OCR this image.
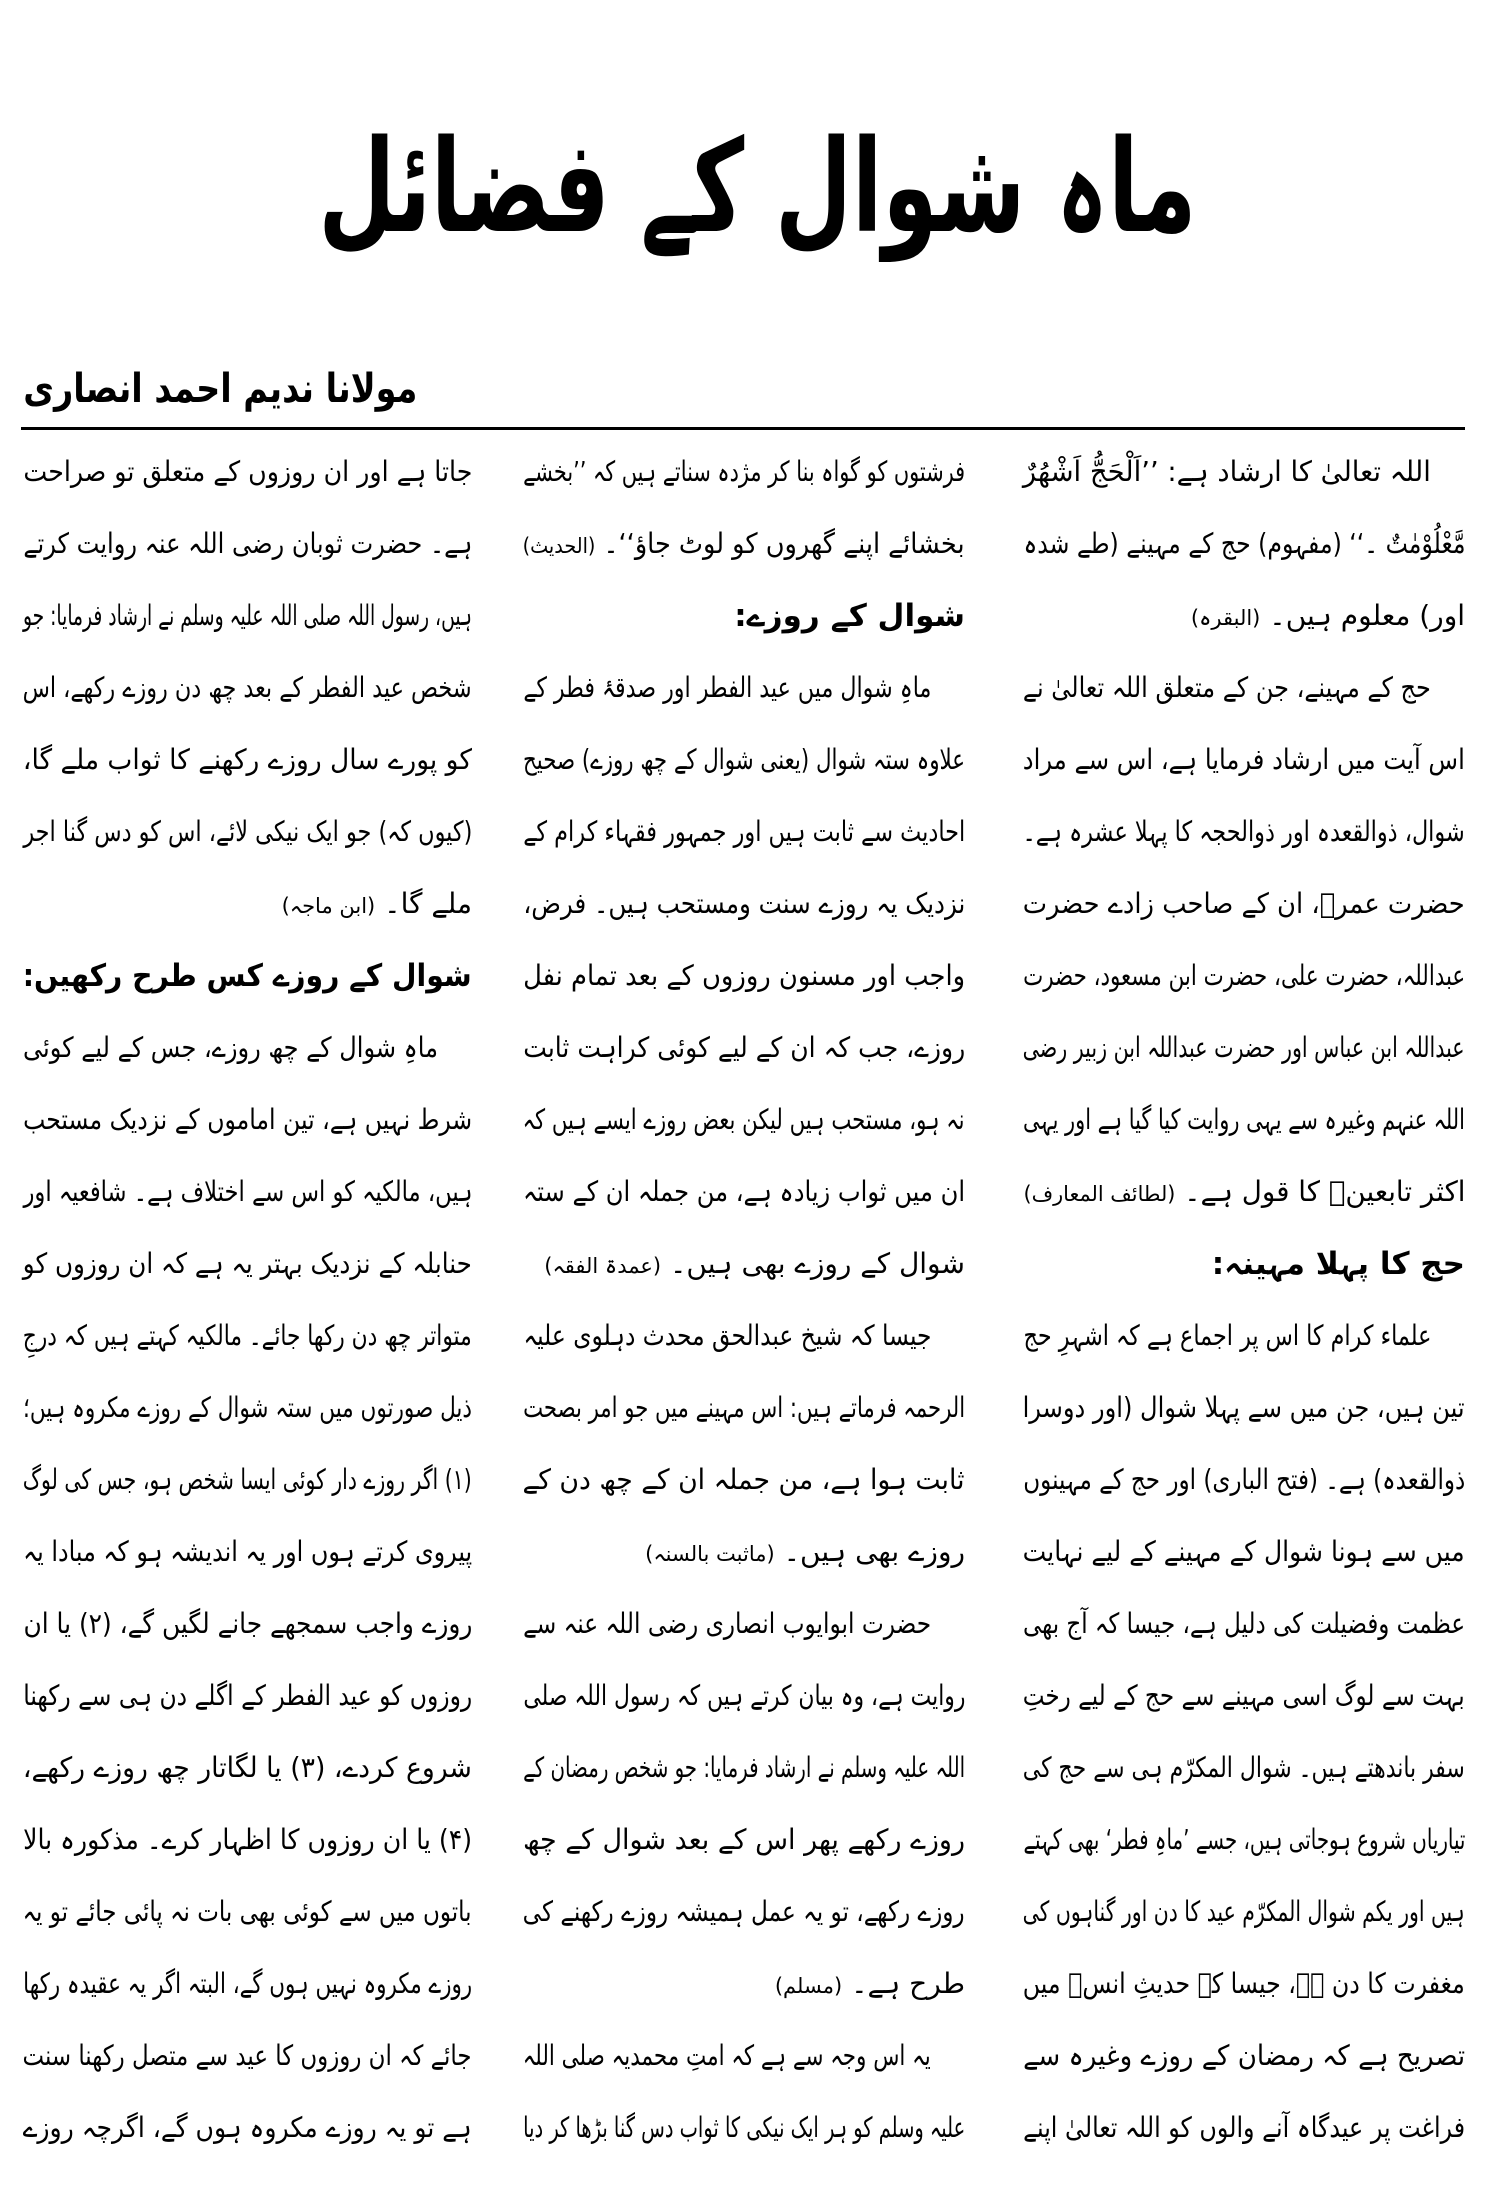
ماہ شوال کے فضائل
مولانا ندیم احمد انصاری
اللہ تعالیٰ کا ارشاد ہے: ’’اَلْحَجُّ اَشْھُرٌ
مَّعْلُوْمٰتٌ ۔‘‘ (مفہوم) حج کے مہینے (طے شدہ
اور) معلوم ہیں۔ (البقرہ)
حج کے مہینے، جن کے متعلق اللہ تعالیٰ نے
اس آیت میں ارشاد فرمایا ہے، اس سے مراد
شوال، ذوالقعدہ اور ذوالحجہ کا پہلا عشرہ ہے۔
حضرت عمرؓ، ان کے صاحب زادے حضرت
عبداللہ، حضرت علی، حضرت ابن مسعود، حضرت
عبداللہ ابن عباس اور حضرت عبداللہ ابن زبیر رضی
اللہ عنہم وغیرہ سے یہی روایت کیا گیا ہے اور یہی
اکثر تابعینؒ کا قول ہے۔ (لطائف المعارف)
حج کا پہلا مہینہ:
علماء کرام کا اس پر اجماع ہے کہ اشہرِ حج
تین ہیں، جن میں سے پہلا شوال (اور دوسرا
ذوالقعدہ) ہے۔ (فتح الباری) اور حج کے مہینوں
میں سے ہونا شوال کے مہینے کے لیے نہایت
عظمت وفضیلت کی دلیل ہے، جیسا کہ آج بھی
بہت سے لوگ اسی مہینے سے حج کے لیے رختِ
سفر باندھتے ہیں۔ شوال المکرّم ہی سے حج کی
تیاریاں شروع ہوجاتی ہیں، جسے ’ماہِ فطر‘ بھی کہتے
ہیں اور یکم شوال المکرّم عید کا دن اور گناہوں کی
مغفرت کا دن ہے، جیسا کہ حدیثِ انسؓ میں
تصریح ہے کہ رمضان کے روزے وغیرہ سے
فراغت پر عیدگاہ آنے والوں کو اللہ تعالیٰ اپنے
فرشتوں کو گواہ بنا کر مژدہ سناتے ہیں کہ ’’بخشے
بخشائے اپنے گھروں کو لوٹ جاؤ‘‘۔ (الحدیث)
شوال کے روزے:
ماہِ شوال میں عید الفطر اور صدقۂ فطر کے
علاوہ ستہ شوال (یعنی شوال کے چھ روزے) صحیح
احادیث سے ثابت ہیں اور جمہور فقہاء کرام کے
نزدیک یہ روزے سنت ومستحب ہیں۔ فرض،
واجب اور مسنون روزوں کے بعد تمام نفل
روزے، جب کہ ان کے لیے کوئی کراہت ثابت
نہ ہو، مستحب ہیں لیکن بعض روزے ایسے ہیں کہ
ان میں ثواب زیادہ ہے، من جملہ ان کے ستہ
شوال کے روزے بھی ہیں۔ (عمدۃ الفقہ)
جیسا کہ شیخ عبدالحق محدث دہلوی علیہ
الرحمہ فرماتے ہیں: اس مہینے میں جو امر بصحت
ثابت ہوا ہے، من جملہ ان کے چھ دن کے
روزے بھی ہیں۔ (ماثبت بالسنہ)
حضرت ابوایوب انصاری رضی اللہ عنہ سے
روایت ہے، وہ بیان کرتے ہیں کہ رسول اللہ صلی
اللہ علیہ وسلم نے ارشاد فرمایا: جو شخص رمضان کے
روزے رکھے پھر اس کے بعد شوال کے چھ
روزے رکھے، تو یہ عمل ہمیشہ روزے رکھنے کی
طرح ہے۔ (مسلم)
یہ اس وجہ سے ہے کہ امتِ محمدیہ صلی اللہ
علیہ وسلم کو ہر ایک نیکی کا ثواب دس گنا بڑھا کر دیا
جاتا ہے اور ان روزوں کے متعلق تو صراحت
ہے۔ حضرت ثوبان رضی اللہ عنہ روایت کرتے
ہیں، رسول اللہ صلی اللہ علیہ وسلم نے ارشاد فرمایا: جو
شخص عید الفطر کے بعد چھ دن روزے رکھے، اس
کو پورے سال روزے رکھنے کا ثواب ملے گا،
(کیوں کہ) جو ایک نیکی لائے، اس کو دس گنا اجر
ملے گا۔ (ابن ماجہ)
شوال کے روزے کس طرح رکھیں:
ماہِ شوال کے چھ روزے، جس کے لیے کوئی
شرط نہیں ہے، تین اماموں کے نزدیک مستحب
ہیں، مالکیہ کو اس سے اختلاف ہے۔ شافعیہ اور
حنابلہ کے نزدیک بہتر یہ ہے کہ ان روزوں کو
متواتر چھ دن رکھا جائے۔ مالکیہ کہتے ہیں کہ درجِ
ذیل صورتوں میں ستہ شوال کے روزے مکروہ ہیں؛
(۱) اگر روزے دار کوئی ایسا شخص ہو، جس کی لوگ
پیروی کرتے ہوں اور یہ اندیشہ ہو کہ مبادا یہ
روزے واجب سمجھے جانے لگیں گے، (۲) یا ان
روزوں کو عید الفطر کے اگلے دن ہی سے رکھنا
شروع کردے، (۳) یا لگاتار چھ روزے رکھے،
(۴) یا ان روزوں کا اظہار کرے۔ مذکورہ بالا
باتوں میں سے کوئی بھی بات نہ پائی جائے تو یہ
روزے مکروہ نہیں ہوں گے، البتہ اگر یہ عقیدہ رکھا
جائے کہ ان روزوں کا عید سے متصل رکھنا سنت
ہے تو یہ روزے مکروہ ہوں گے، اگرچہ روزے
